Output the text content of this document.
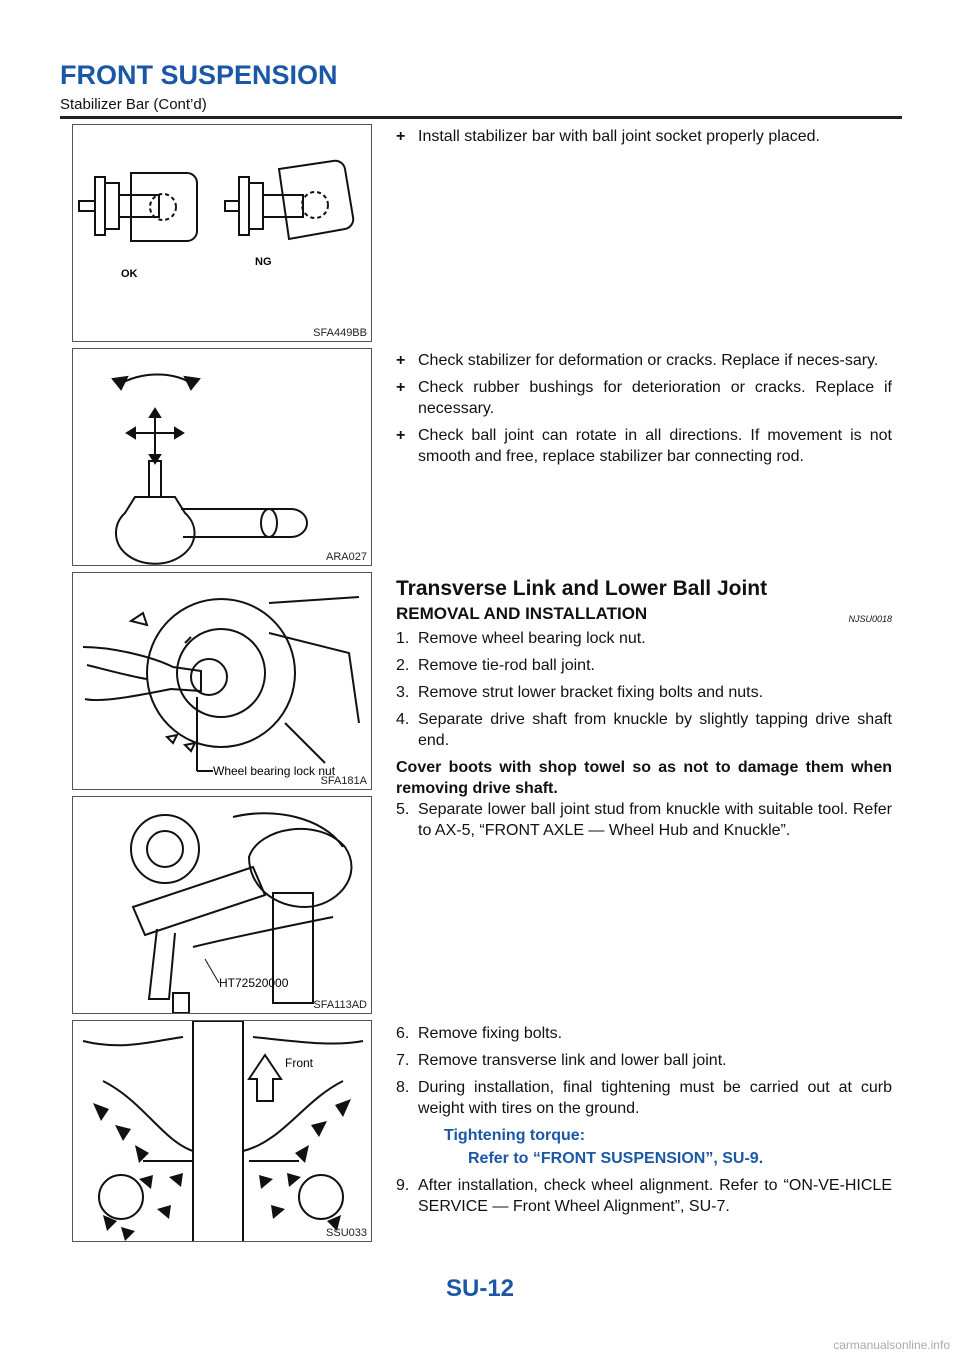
FRONT SUSPENSION
Stabilizer Bar (Cont’d)
OK
NG
SFA449BB
ARA027
Wheel bearing lock nut
SFA181A
HT72520000
SFA113AD
Front
SSU033
+ Install stabilizer bar with ball joint socket properly placed.
+ Check stabilizer for deformation or cracks. Replace if neces-sary.
+ Check rubber bushings for deterioration or cracks. Replace if necessary.
+ Check ball joint can rotate in all directions. If movement is not smooth and free, replace stabilizer bar connecting rod.
Transverse Link and Lower Ball Joint
REMOVAL AND INSTALLATION	NJSU0018
1. Remove wheel bearing lock nut.
2. Remove tie-rod ball joint.
3. Remove strut lower bracket fixing bolts and nuts.
4. Separate drive shaft from knuckle by slightly tapping drive shaft end.

Cover boots with shop towel so as not to damage them when removing drive shaft.

5. Separate lower ball joint stud from knuckle with suitable tool. Refer to AX-5, “FRONT AXLE — Wheel Hub and Knuckle”.
6. Remove fixing bolts.
7. Remove transverse link and lower ball joint.
8. During installation, final tightening must be carried out at curb weight with tires on the ground.
Tightening torque:
Refer to “FRONT SUSPENSION”, SU-9.
9. After installation, check wheel alignment. Refer to “ON-VE-HICLE SERVICE — Front Wheel Alignment”, SU-7.
SU-12
carmanualsonline.info
